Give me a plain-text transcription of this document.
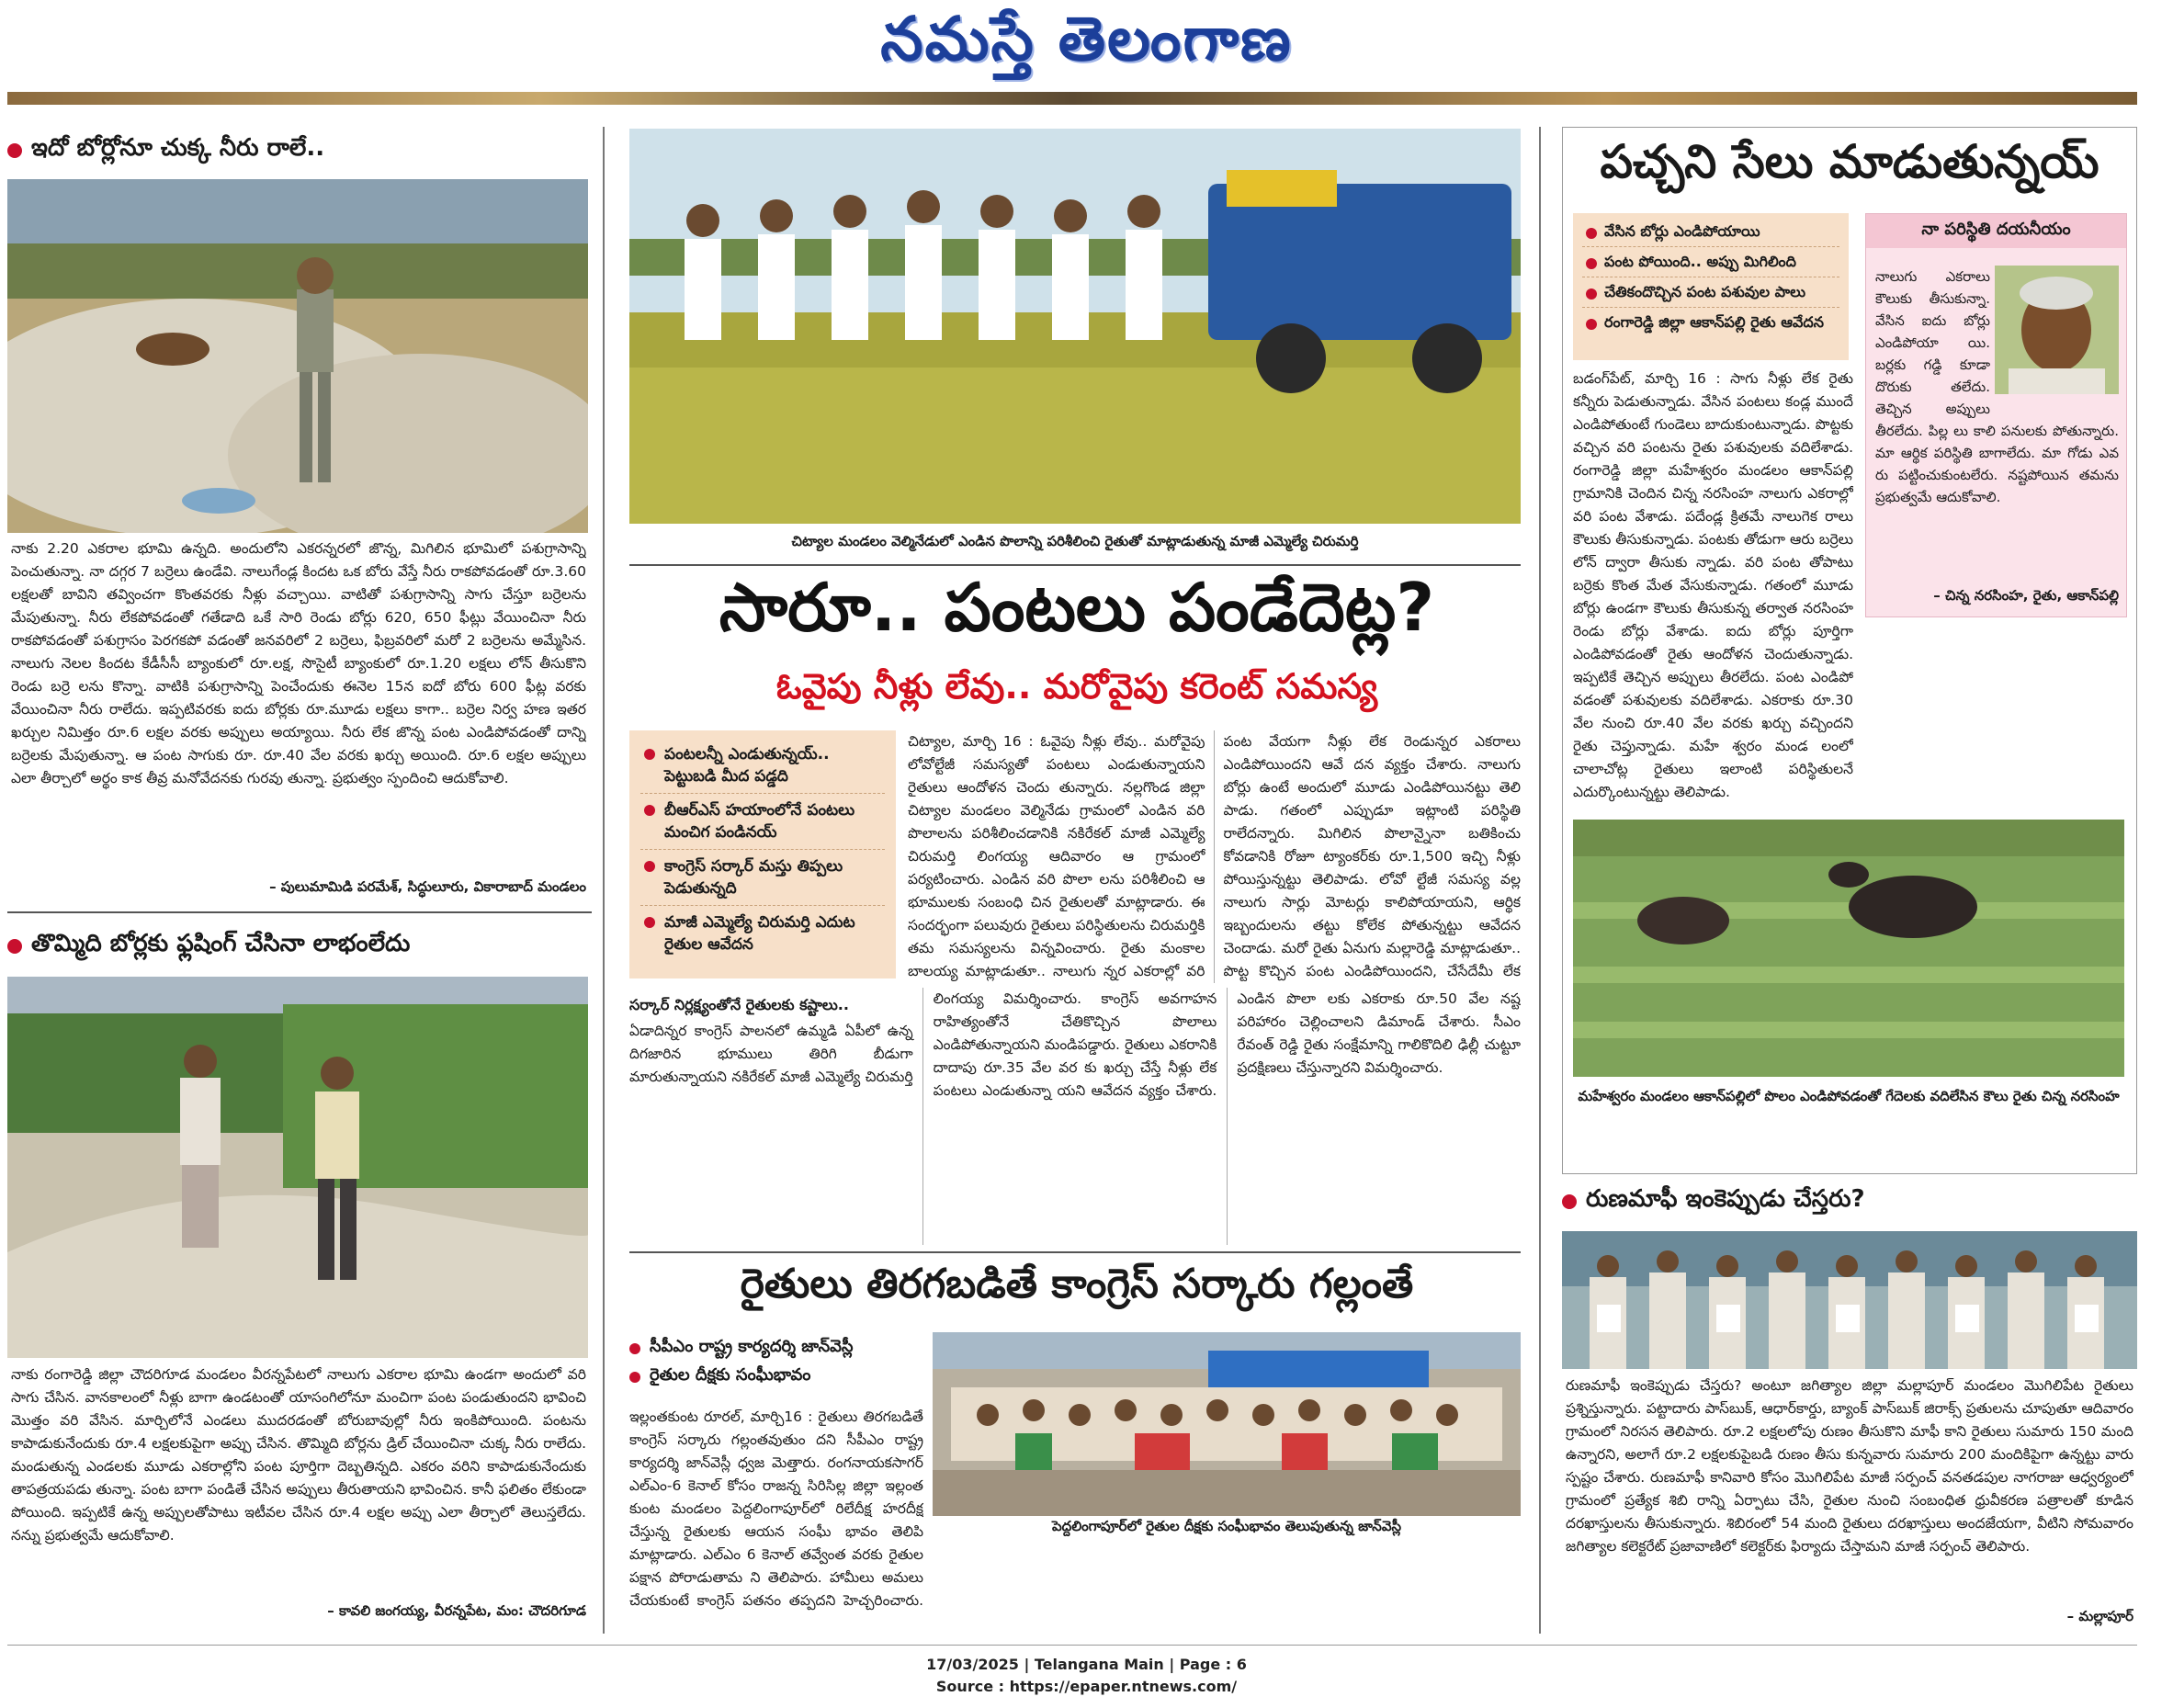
నమస్తే తెలంగాణ
ఇదో బోర్లోనూ చుక్క నీరు రాలే..
నాకు 2.20 ఎకరాల భూమి ఉన్నది. అందులోని ఎకరన్నరలో జొన్న, మిగిలిన భూమిలో పశుగ్రాసాన్ని పెంచుతున్నా. నా దగ్గర 7 బర్రెలు ఉండేవి. నాలుగేండ్ల కిందట ఒక బోరు వేస్తే నీరు రాకపోవడంతో రూ.3.60 లక్షలతో బావిని తవ్వించగా కొంతవరకు నీళ్లు వచ్చాయి. వాటితో పశుగ్రాసాన్ని సాగు చేస్తూ బర్రెలను మేపుతున్నా. నీరు లేకపోవడంతో గతేడాది ఒకే సారి రెండు బోర్లు 620, 650 ఫీట్లు వేయించినా నీరు రాకపోవడంతో పశుగ్రాసం పెరగకపో వడంతో జనవరిలో 2 బర్రెలు, ఫిబ్రవరిలో మరో 2 బర్రెలను అమ్మేసిన. నాలుగు నెలల కిందట కేడీసీసీ బ్యాంకులో రూ.లక్ష, సొసైటీ బ్యాంకులో రూ.1.20 లక్షలు లోన్ తీసుకొని రెండు బర్రె లను కొన్నా. వాటికి పశుగ్రాసాన్ని పెంచేందుకు ఈనెల 15న ఐదో బోరు 600 ఫీట్ల వరకు వేయించినా నీరు రాలేదు. ఇప్పటివరకు ఐదు బోర్లకు రూ.మూడు లక్షలు కాగా.. బర్రెల నిర్వ హణ ఇతర ఖర్చుల నిమిత్తం రూ.6 లక్షల వరకు అప్పులు అయ్యాయి. నీరు లేక జొన్న పంట ఎండిపోవడంతో దాన్ని బర్రెలకు మేపుతున్నా. ఆ పంట సాగుకు రూ. రూ.40 వేల వరకు ఖర్చు అయింది. రూ.6 లక్షల అప్పులు ఎలా తీర్చాలో అర్థం కాక తీవ్ర మనోవేదనకు గురవు తున్నా. ప్రభుత్వం స్పందించి ఆదుకోవాలి.
– పులుమామిడి పరమేశ్, సిద్ధులూరు, వికారాబాద్ మండలం
తొమ్మిది బోర్లకు ఫ్లషింగ్ చేసినా లాభంలేదు
నాకు రంగారెడ్డి జిల్లా చౌదరిగూడ మండలం వీరన్నపేటలో నాలుగు ఎకరాల భూమి ఉండగా అందులో వరి సాగు చేసిన. వానకాలంలో నీళ్లు బాగా ఉండటంతో యాసంగిలోనూ మంచిగా పంట పండుతుందని భావించి మొత్తం వరి వేసిన. మార్చిలోనే ఎండలు ముదరడంతో బోరుబావుల్లో నీరు ఇంకిపోయింది. పంటను కాపాడుకునేందుకు రూ.4 లక్షలకుపైగా అప్పు చేసిన. తొమ్మిది బోర్లను డ్రిల్ చేయించినా చుక్క నీరు రాలేదు. మండుతున్న ఎండలకు మూడు ఎకరాల్లోని పంట పూర్తిగా దెబ్బతిన్నది. ఎకరం వరిని కాపాడుకునేందుకు తాపత్రయపడు తున్నా. పంట బాగా పండితే చేసిన అప్పులు తీరుతాయని భావించిన. కానీ ఫలితం లేకుండా పోయింది. ఇప్పటికే ఉన్న అప్పులతోపాటు ఇటీవల చేసిన రూ.4 లక్షల అప్పు ఎలా తీర్చాలో తెలుస్తలేదు. నన్ను ప్రభుత్వమే ఆదుకోవాలి.
– కావలి జంగయ్య, వీరన్నపేట, మం: చౌదరిగూడ
చిట్యాల మండలం వెల్మినేడులో ఎండిన పొలాన్ని పరిశీలించి రైతుతో మాట్లాడుతున్న మాజీ ఎమ్మెల్యే చిరుమర్తి
సారూ.. పంటలు పండేదెట్ల?
ఓవైపు నీళ్లు లేవు.. మరోవైపు కరెంట్ సమస్య
పంటలన్నీ ఎండుతున్నయ్.. పెట్టుబడి మీద పడ్డది
బీఆర్ఎస్ హయాంలోనే పంటలు మంచిగ పండినయ్
కాంగ్రెస్ సర్కార్ మస్తు తిప్పలు పెడుతున్నది
మాజీ ఎమ్మెల్యే చిరుమర్తి ఎదుట రైతుల ఆవేదన
చిట్యాల, మార్చి 16 : ఓవైపు నీళ్లు లేవు.. మరోవైపు లోవోల్టేజీ సమస్యతో పంటలు ఎండుతున్నాయని రైతులు ఆందోళన చెందు తున్నారు. నల్లగొండ జిల్లా చిట్యాల మండలం వెల్మినేడు గ్రామంలో ఎండిన వరి పొలాలను పరిశీలించడానికి నకిరేకల్ మాజీ ఎమ్మెల్యే చిరుమర్తి లింగయ్య ఆదివారం ఆ గ్రామంలో పర్యటించారు. ఎండిన వరి పొలా లను పరిశీలించి ఆ భూములకు సంబంధి చిన రైతులతో మాట్లాడారు. ఈ సందర్భంగా పలువురు రైతులు పరిస్థితులను చిరుమర్తికి తమ సమస్యలను విన్నవించారు. రైతు మంకాల బాలయ్య మాట్లాడుతూ.. నాలుగు న్నర ఎకరాల్లో వరి పంట వేయగా నీళ్లు లేక రెండున్నర ఎకరాలు ఎండిపోయిందని ఆవే దన వ్యక్తం చేశారు. నాలుగు బోర్లు ఉంటే అందులో మూడు ఎండిపోయినట్టు తెలి పాడు. గతంలో ఎప్పుడూ ఇట్లాంటి పరిస్థితి రాలేదన్నారు. మిగిలిన పొలాన్నైనా బతికించు కోవడానికి రోజూ ట్యాంకర్‌కు రూ.1,500 ఇచ్చి నీళ్లు పోయిస్తున్నట్టు తెలిపాడు. లోవో ల్టేజీ సమస్య వల్ల నాలుగు సార్లు మోటర్లు కాలిపోయాయని, ఆర్థిక ఇబ్బందులను తట్టు కోలేక పోతున్నట్టు ఆవేదన చెందాడు. మరో రైతు ఏనుగు మల్లారెడ్డి మాట్లాడుతూ.. పొట్ట కొచ్చిన పంట ఎండిపోయిందని, చేసేదేమీ లేక
సర్కార్ నిర్లక్ష్యంతోనే రైతులకు కష్టాలు..
ఏడాదిన్నర కాంగ్రెస్ పాలనలో ఉమ్మడి ఏపీలో ఉన్న దిగజారిన భూములు తిరిగి బీడుగా మారుతున్నాయని నకిరేకల్ మాజీ ఎమ్మెల్యే చిరుమర్తి లింగయ్య విమర్శించారు. కాంగ్రెస్ అవగాహన రాహిత్యంతోనే చేతికొచ్చిన పొలాలు ఎండిపోతున్నాయని మండిపడ్డారు. రైతులు ఎకరానికి దాదాపు రూ.35 వేల వర కు ఖర్చు చేస్తే నీళ్లు లేక పంటలు ఎండుతున్నా యని ఆవేదన వ్యక్తం చేశారు. ఎండిన పొలా లకు ఎకరాకు రూ.50 వేల నష్ట పరిహారం చెల్లించాలని డిమాండ్ చేశారు. సీఎం రేవంత్ రెడ్డి రైతు సంక్షేమాన్ని గాలికొదిలి ఢిల్లీ చుట్టూ ప్రదక్షిణలు చేస్తున్నారని విమర్శించారు.
రైతులు తిరగబడితే కాంగ్రెస్ సర్కారు గల్లంతే
సీపీఎం రాష్ట్ర కార్యదర్శి జాన్‌వెస్లీ
రైతుల దీక్షకు సంఘీభావం
పెద్దలింగాపూర్‌లో రైతుల దీక్షకు సంఘీభావం తెలుపుతున్న జాన్‌వెస్లీ
ఇల్లంతకుంట రూరల్, మార్చి16 : రైతులు తిరగబడితే కాంగ్రెస్ సర్కారు గల్లంతవుతుం దని సీపీఎం రాష్ట్ర కార్యదర్శి జాన్‌వెస్లీ ధ్వజ మెత్తారు. రంగనాయకసాగర్ ఎల్ఎం-6 కెనాల్ కోసం రాజన్న సిరిసిల్ల జిల్లా ఇల్లంత కుంట మండలం పెద్దలింగాపూర్‌లో రిలేదీక్ష హరదీక్ష చేస్తున్న రైతులకు ఆయన సంఘీ భావం తెలిపి మాట్లాడారు. ఎల్ఎం 6 కెనాల్ తవ్వేంత వరకు రైతుల పక్షాన పోరాడుతామ ని తెలిపారు. హామీలు అమలు చేయకుంటే కాంగ్రెస్ పతనం తప్పదని హెచ్చరించారు.
పచ్చని సేలు మాడుతున్నయ్
వేసిన బోర్లు ఎండిపోయాయి
పంట పోయింది.. అప్పు మిగిలింది
చేతికందొచ్చిన పంట పశువుల పాలు
రంగారెడ్డి జిల్లా ఆకాన్‌పల్లి రైతు ఆవేదన
నా పరిస్థితి దయనీయం
నాలుగు ఎకరాలు కౌలుకు తీసుకున్నా. వేసిన ఐదు బోర్లు ఎండిపోయా యి. బర్లకు గడ్డి కూడా దొరుకు తలేదు. తెచ్చిన అప్పులు తీరలేదు. పిల్ల లు కాలి పనులకు పోతున్నారు. మా ఆర్థిక పరిస్థితి బాగాలేదు. మా గోడు ఎవ రు పట్టించుకుంటలేరు. నష్టపోయిన తమను ప్రభుత్వమే ఆదుకోవాలి.
– చిన్న నరసింహ, రైతు, ఆకాన్‌పల్లి
బడంగ్‌పేట్, మార్చి 16 : సాగు నీళ్లు లేక రైతు కన్నీరు పెడుతున్నాడు. వేసిన పంటలు కండ్ల ముందే ఎండిపోతుంటే గుండెలు బాదుకుంటున్నాడు. పొట్టకు వచ్చిన వరి పంటను రైతు పశువులకు వదిలేశాడు. రంగారెడ్డి జిల్లా మహేశ్వరం మండలం ఆకాన్‌పల్లి గ్రామానికి చెందిన చిన్న నరసింహ నాలుగు ఎకరాల్లో వరి పంట వేశాడు. పదేండ్ల క్రితమే నాలుగెక రాలు కౌలుకు తీసుకున్నాడు. పంటకు తోడుగా ఆరు బర్రెలు లోన్ ద్వారా తీసుకు న్నాడు. వరి పంట తోపాటు బర్రెకు కొంత మేత వేసుకున్నాడు. గతంలో మూడు బోర్లు ఉండగా కౌలుకు తీసుకున్న తర్వాత నరసింహ రెండు బోర్లు వేశాడు. ఐదు బోర్లు పూర్తిగా ఎండిపోవడంతో రైతు ఆందోళన చెందుతున్నాడు. ఇప్పటికే తెచ్చిన అప్పులు తీరలేదు. పంట ఎండిపో వడంతో పశువులకు వదిలేశాడు. ఎకరాకు రూ.30 వేల నుంచి రూ.40 వేల వరకు ఖర్చు వచ్చిందని రైతు చెప్తున్నాడు. మహే శ్వరం మండ లంలో చాలాచోట్ల రైతులు ఇలాంటి పరిస్థితులనే ఎదుర్కొంటున్నట్టు తెలిపాడు.
మహేశ్వరం మండలం ఆకాన్‌పల్లిలో పొలం ఎండిపోవడంతో గేదెలకు వదిలేసిన కౌలు రైతు చిన్న నరసింహ
రుణమాఫీ ఇంకెప్పుడు చేస్తరు?
రుణమాఫీ ఇంకెప్పుడు చేస్తరు? అంటూ జగిత్యాల జిల్లా మల్లాపూర్ మండలం మొగిలిపేట రైతులు ప్రశ్నిస్తున్నారు. పట్టాదారు పాస్‌బుక్, ఆధార్‌కార్డు, బ్యాంక్ పాస్‌బుక్ జిరాక్స్ ప్రతులను చూపుతూ ఆదివారం గ్రామంలో నిరసన తెలిపారు. రూ.2 లక్షలలోపు రుణం తీసుకొని మాఫీ కాని రైతులు సుమారు 150 మంది ఉన్నారని, అలాగే రూ.2 లక్షలకుపైబడి రుణం తీసు కున్నవారు సుమారు 200 మందికిపైగా ఉన్నట్టు వారు స్పష్టం చేశారు. రుణమాఫీ కానివారి కోసం మొగిలిపేట మాజీ సర్పంచ్ వనతడపుల నాగరాజు ఆధ్వర్యంలో గ్రామంలో ప్రత్యేక శిబి రాన్ని ఏర్పాటు చేసి, రైతుల నుంచి సంబంధిత ధ్రువీకరణ పత్రాలతో కూడిన దరఖాస్తులను తీసుకున్నారు. శిబిరంలో 54 మంది రైతులు దరఖాస్తులు అందజేయగా, వీటిని సోమవారం జగిత్యాల కలెక్టరేట్ ప్రజావాణిలో కలెక్టర్‌కు ఫిర్యాదు చేస్తామని మాజీ సర్పంచ్ తెలిపారు.
– మల్లాపూర్
17/03/2025 | Telangana Main | Page : 6
Source : https://epaper.ntnews.com/
